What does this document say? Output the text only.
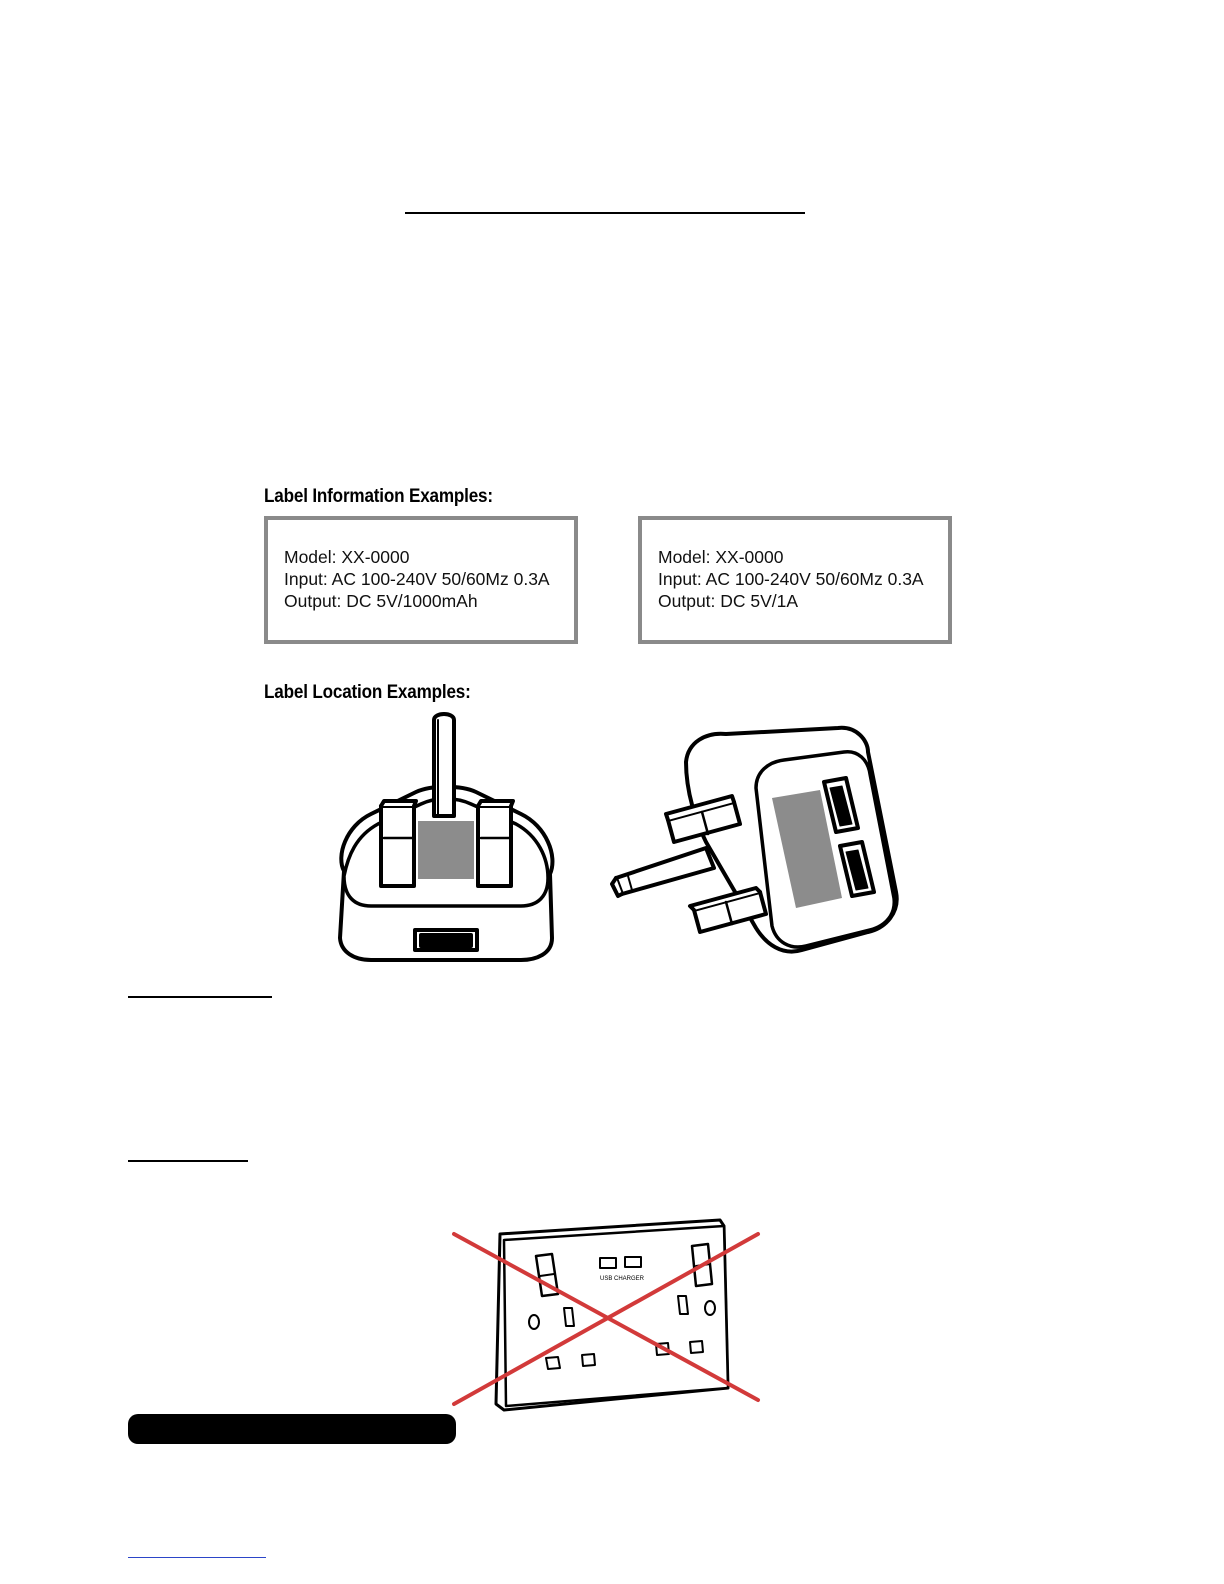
Label Information Examples:
Model: XX-0000
Input: AC 100-240V 50/60Mz 0.3A
Output: DC 5V/1000mAh
Model: XX-0000
Input: AC 100-240V 50/60Mz 0.3A
Output: DC 5V/1A
Label Location Examples:
USB CHARGER
